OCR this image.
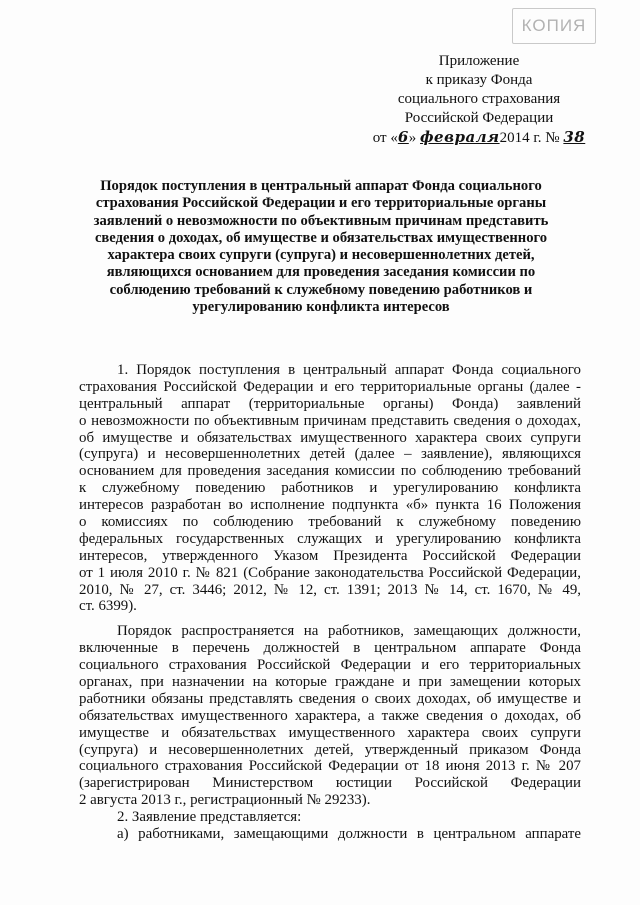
КОПИЯ
Приложение
к приказу Фонда
социального страхования
Российской Федерации
от «6» февраля2014 г. № 38
Порядок поступления в центральный аппарат Фонда социального
страхования Российской Федерации и его территориальные органы
заявлений о невозможности по объективным причинам представить
сведения о доходах, об имуществе и обязательствах имущественного
характера своих супруги (супруга) и несовершеннолетних детей,
являющихся основанием для проведения заседания комиссии по
соблюдению требований к служебному поведению работников и
урегулированию конфликта интересов
1. Порядок поступления в центральный аппарат Фонда социального
страхования Российской Федерации и его территориальные органы (далее -
центральный аппарат (территориальные органы) Фонда) заявлений
о невозможности по объективным причинам представить сведения о доходах,
об имуществе и обязательствах имущественного характера своих супруги
(супруга) и несовершеннолетних детей (далее – заявление), являющихся
основанием для проведения заседания комиссии по соблюдению требований
к служебному поведению работников и урегулированию конфликта
интересов разработан во исполнение подпункта «б» пункта 16 Положения
о комиссиях по соблюдению требований к служебному поведению
федеральных государственных служащих и урегулированию конфликта
интересов, утвержденного Указом Президента Российской Федерации
от 1 июля 2010 г. № 821 (Собрание законодательства Российской Федерации,
2010, № 27, ст. 3446; 2012, № 12, ст. 1391; 2013 № 14, ст. 1670, № 49,
ст. 6399).
Порядок распространяется на работников, замещающих должности,
включенные в перечень должностей в центральном аппарате Фонда
социального страхования Российской Федерации и его территориальных
органах, при назначении на которые граждане и при замещении которых
работники обязаны представлять сведения о своих доходах, об имуществе и
обязательствах имущественного характера, а также сведения о доходах, об
имуществе и обязательствах имущественного характера своих супруги
(супруга) и несовершеннолетних детей, утвержденный приказом Фонда
социального страхования Российской Федерации от 18 июня 2013 г. № 207
(зарегистрирован Министерством юстиции Российской Федерации
2 августа 2013 г., регистрационный № 29233).
2. Заявление представляется:
а) работниками, замещающими должности в центральном аппарате
